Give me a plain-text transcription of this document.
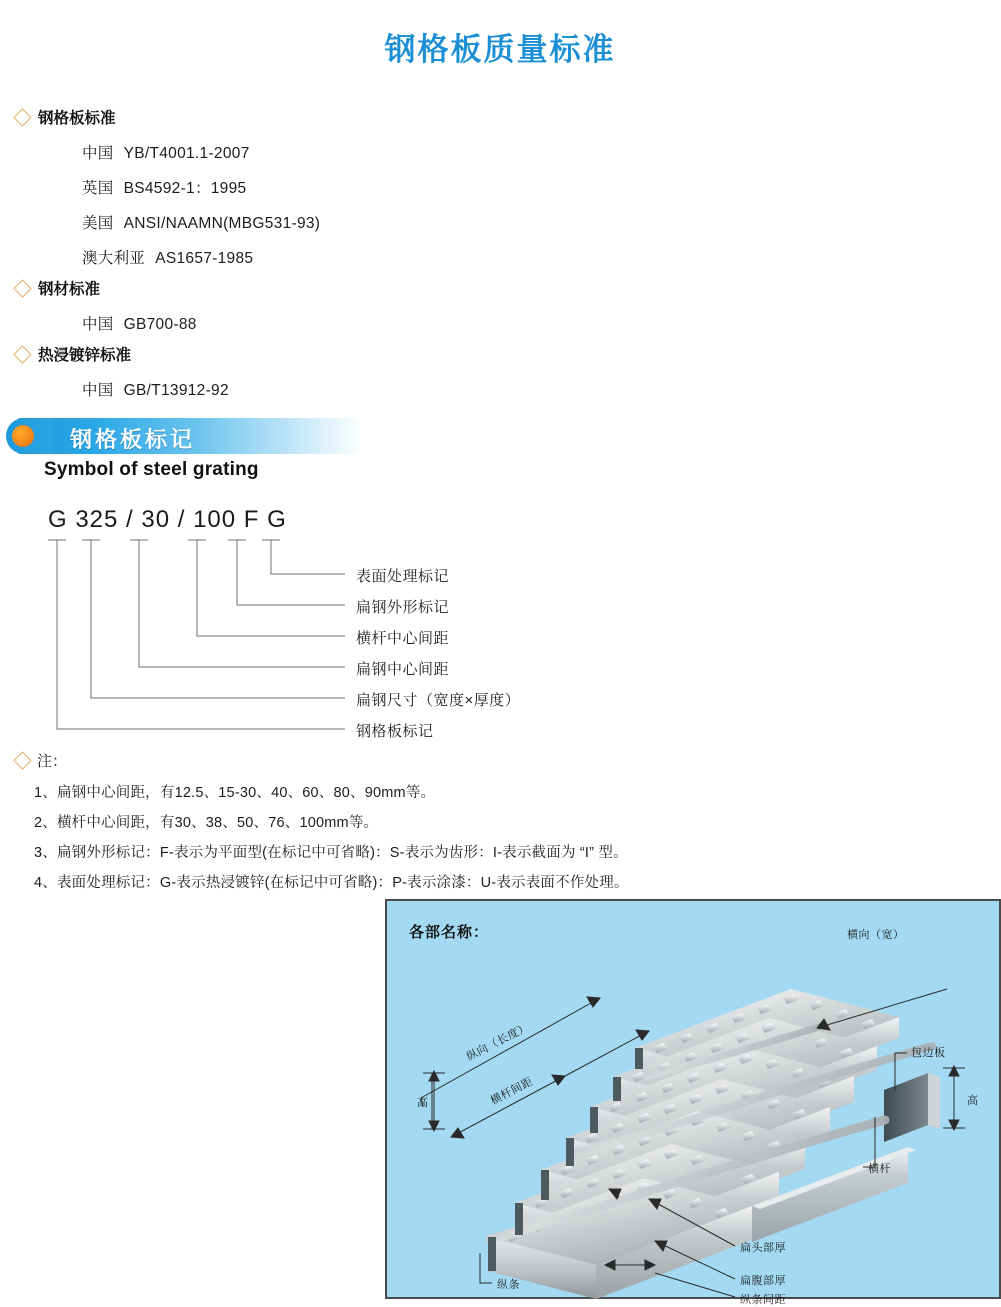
钢格板质量标准
钢格板标准
中国 YB/T4001.1-2007
英国 BS4592-1：1995
美国 ANSI/NAAMN(MBG531-93)
澳大利亚 AS1657-1985
钢材标准
中国 GB700-88
热浸镀锌标准
中国 GB/T13912-92
钢格板标记
Symbol of steel grating
G 325 / 30 / 100 F G
表面处理标记
扁钢外形标记
横杆中心间距
扁钢中心间距
扁钢尺寸（宽度×厚度）
钢格板标记
注：
1、扁钢中心间距，有12.5、15-30、40、60、80、90mm等。
2、横杆中心间距，有30、38、50、76、100mm等。
3、扁钢外形标记：F-表示为平面型(在标记中可省略)：S-表示为齿形：I-表示截面为 “I” 型。
4、表面处理标记：G-表示热浸镀锌(在标记中可省略)：P-表示涂漆：U-表示表面不作处理。
各部名称：
纵向（长度）
横杆间距
横向（宽）
包边板
高	高
横杆
纵条
扁头部厚
扁腹部厚
纵条间距
